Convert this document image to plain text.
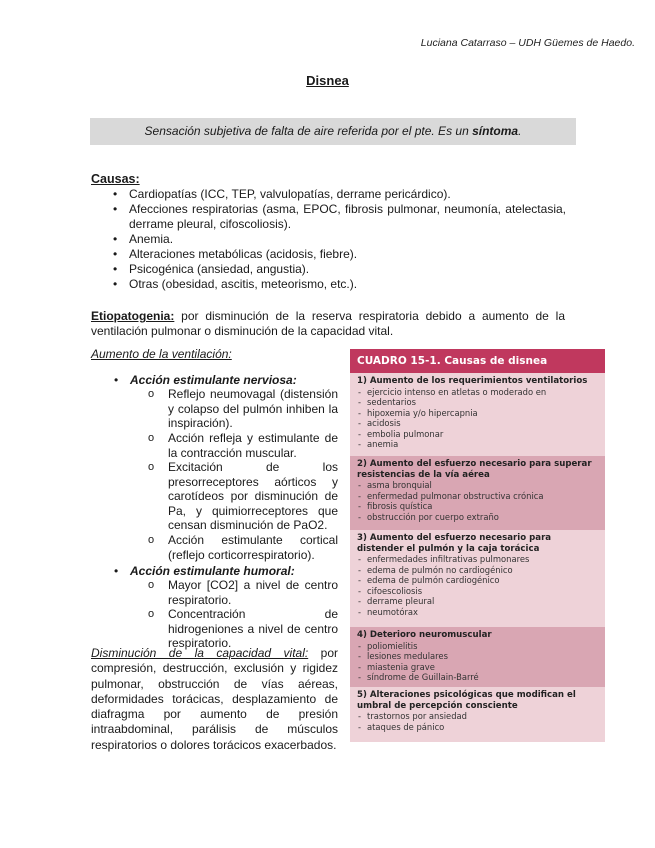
Luciana Catarraso – UDH Güemes de Haedo.
Disnea
Sensación subjetiva de falta de aire referida por el pte. Es un síntoma.
Causas:
• Cardiopatías (ICC, TEP, valvulopatías, derrame pericárdico).
• Afecciones respiratorias (asma, EPOC, fibrosis pulmonar, neumonía, atelectasia, derrame pleural, cifoscoliosis).
• Anemia.
• Alteraciones metabólicas (acidosis, fiebre).
• Psicogénica (ansiedad, angustia).
• Otras (obesidad, ascitis, meteorismo, etc.).
Etiopatogenia: por disminución de la reserva respiratoria debido a aumento de la ventilación pulmonar o disminución de la capacidad vital.
Aumento de la ventilación:
• Acción estimulante nerviosa:
o Reflejo neumovagal (distensión y colapso del pulmón inhiben la inspiración).
o Acción refleja y estimulante de la contracción muscular.
o Excitación de los presorreceptores aórticos y carotídeos por disminución de Pa, y quimiorreceptores que censan disminución de PaO2.
o Acción estimulante cortical (reflejo corticorrespiratorio).
• Acción estimulante humoral:
o Mayor [CO2] a nivel de centro respiratorio.
o Concentración de hidrogeniones a nivel de centro respiratorio.
Disminución de la capacidad vital: por compresión, destrucción, exclusión y rigidez pulmonar, obstrucción de vías aéreas, deformidades torácicas, desplazamiento de diafragma por aumento de presión intraabdominal, parálisis de músculos respiratorios o dolores torácicos exacerbados.
CUADRO 15-1. Causas de disnea
1) Aumento de los requerimientos ventilatorios
- ejercicio intenso en atletas o moderado en
- sedentarios
- hipoxemia y/o hipercapnia
- acidosis
- embolia pulmonar
- anemia
2) Aumento del esfuerzo necesario para superar resistencias de la vía aérea
- asma bronquial
- enfermedad pulmonar obstructiva crónica
- fibrosis quística
- obstrucción por cuerpo extraño
3) Aumento del esfuerzo necesario para distender el pulmón y la caja torácica
- enfermedades infiltrativas pulmonares
- edema de pulmón no cardiogénico
- edema de pulmón cardiogénico
- cifoescoliosis
- derrame pleural
- neumotórax
4) Deterioro neuromuscular
- poliomielitis
- lesiones medulares
- miastenia grave
- síndrome de Guillain-Barré
5) Alteraciones psicológicas que modifican el umbral de percepción consciente
- trastornos por ansiedad
- ataques de pánico
